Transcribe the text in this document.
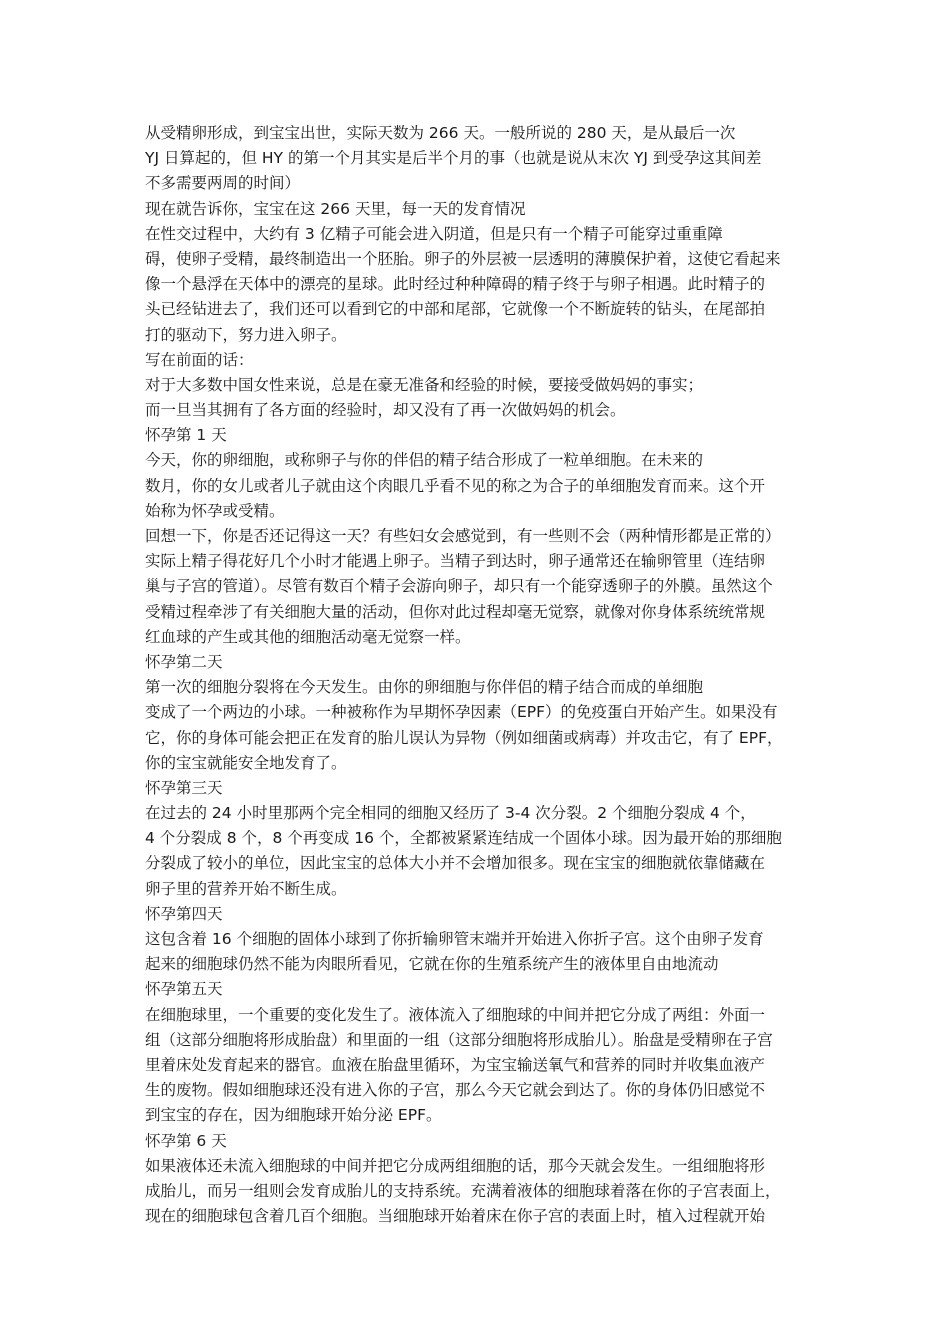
从受精卵形成，到宝宝出世，实际天数为 266 天。一般所说的 280 天，是从最后一次
YJ 日算起的，但 HY 的第一个月其实是后半个月的事（也就是说从末次 YJ 到受孕这其间差
不多需要两周的时间）
现在就告诉你，宝宝在这 266 天里，每一天的发育情况
在性交过程中，大约有 3 亿精子可能会进入阴道，但是只有一个精子可能穿过重重障
碍，使卵子受精，最终制造出一个胚胎。卵子的外层被一层透明的薄膜保护着，这使它看起来
像一个悬浮在天体中的漂亮的星球。此时经过种种障碍的精子终于与卵子相遇。此时精子的
头已经钻进去了，我们还可以看到它的中部和尾部，它就像一个不断旋转的钻头，在尾部拍
打的驱动下，努力进入卵子。
写在前面的话：
对于大多数中国女性来说，总是在豪无准备和经验的时候，要接受做妈妈的事实；
而一旦当其拥有了各方面的经验时，却又没有了再一次做妈妈的机会。
怀孕第 1 天
今天，你的卵细胞，或称卵子与你的伴侣的精子结合形成了一粒单细胞。在未来的
数月，你的女儿或者儿子就由这个肉眼几乎看不见的称之为合子的单细胞发育而来。这个开
始称为怀孕或受精。
回想一下，你是否还记得这一天？有些妇女会感觉到，有一些则不会（两种情形都是正常的）
实际上精子得花好几个小时才能遇上卵子。当精子到达时，卵子通常还在输卵管里（连结卵
巢与子宫的管道）。尽管有数百个精子会游向卵子，却只有一个能穿透卵子的外膜。虽然这个
受精过程牵涉了有关细胞大量的活动，但你对此过程却毫无觉察，就像对你身体系统统常规
红血球的产生或其他的细胞活动毫无觉察一样。
怀孕第二天
第一次的细胞分裂将在今天发生。由你的卵细胞与你伴侣的精子结合而成的单细胞
变成了一个两边的小球。一种被称作为早期怀孕因素（EPF）的免疫蛋白开始产生。如果没有
它，你的身体可能会把正在发育的胎儿误认为异物（例如细菌或病毒）并攻击它，有了 EPF，
你的宝宝就能安全地发育了。
怀孕第三天
在过去的 24 小时里那两个完全相同的细胞又经历了 3-4 次分裂。2 个细胞分裂成 4 个，
4 个分裂成 8 个，8 个再变成 16 个，全都被紧紧连结成一个固体小球。因为最开始的那细胞
分裂成了较小的单位，因此宝宝的总体大小并不会增加很多。现在宝宝的细胞就依靠储藏在
卵子里的营养开始不断生成。
怀孕第四天
这包含着 16 个细胞的固体小球到了你折输卵管末端并开始进入你折子宫。这个由卵子发育
起来的细胞球仍然不能为肉眼所看见，它就在你的生殖系统产生的液体里自由地流动
怀孕第五天
在细胞球里，一个重要的变化发生了。液体流入了细胞球的中间并把它分成了两组：外面一
组（这部分细胞将形成胎盘）和里面的一组（这部分细胞将形成胎儿）。胎盘是受精卵在子宫
里着床处发育起来的器官。血液在胎盘里循环，为宝宝输送氧气和营养的同时并收集血液产
生的废物。假如细胞球还没有进入你的子宫，那么今天它就会到达了。你的身体仍旧感觉不
到宝宝的存在，因为细胞球开始分泌 EPF。
怀孕第 6 天
如果液体还未流入细胞球的中间并把它分成两组细胞的话，那今天就会发生。一组细胞将形
成胎儿，而另一组则会发育成胎儿的支持系统。充满着液体的细胞球着落在你的子宫表面上，
现在的细胞球包含着几百个细胞。当细胞球开始着床在你子宫的表面上时，植入过程就开始
